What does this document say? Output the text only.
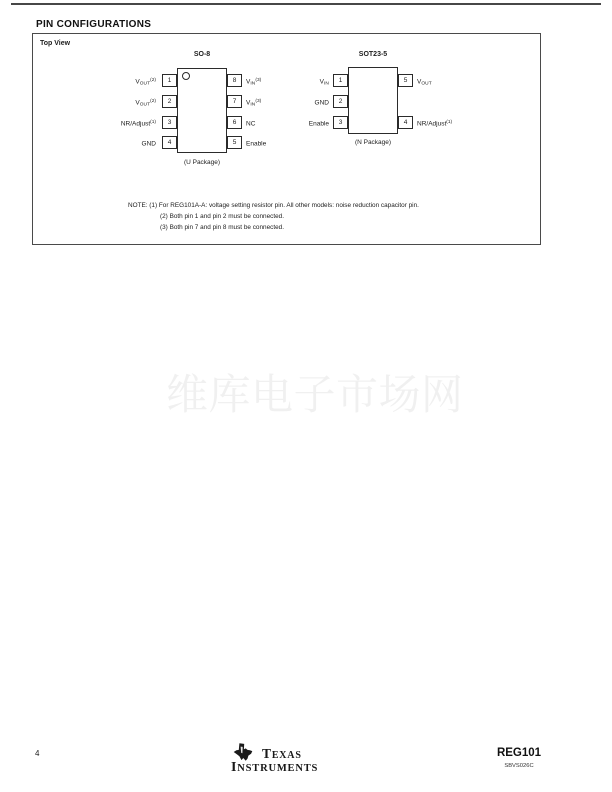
PIN CONFIGURATIONS
Top View
SO-8
1
2
3
4
8
7
6
5
$V_{OUT}^{(2)}$
$V_{OUT}^{(2)}$
NR/Adjust$^{(1)}$
GND
$V_{IN}^{(3)}$
$V_{IN}^{(3)}$
NC
Enable
(U Package)
SOT23-5
1
2
3
5
4
$V_{IN}$
GND
Enable
$V_{OUT}$
NR/Adjust$^{(1)}$
(N Package)
NOTE: (1) For REG101A-A: voltage setting resistor pin. All other models: noise reduction capacitor pin.
(2) Both pin 1 and pin 2 must be connected.
(3) Both pin 7 and pin 8 must be connected.
维库电子市场网
4	TEXAS
INSTRUMENTS
REG101
SBVS026C
